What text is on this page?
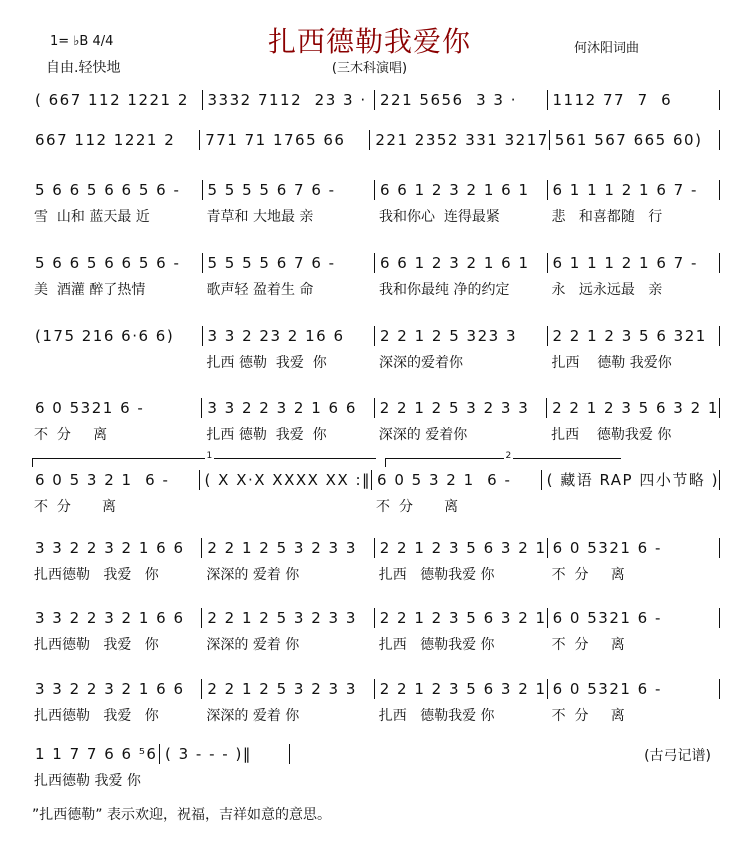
1= ♭B 4/4
自由.轻快地
扎西德勒我爱你
(三木科演唱)
何沐阳词曲
( 667 112 1221 2	3332 7112  23 3 · 221 5656  3 3 ·	1112 77  7  6
667 112 1221 2	771 71 1765 66	221 2352 331 3217 561 567 665 60)
5 6 6 5 6 6 5 6 -
雪  山和 蓝天最 近
5 5 5 5 6 7 6 -
青草和 大地最 亲
6 6 1 2 3 2 1 6 1
我和你心  连得最紧
6 1 1 1 2 1 6 7 -
悲   和喜都随   行
5 6 6 5 6 6 5 6 -
美  酒灌 醉了热情
5 5 5 5 6 7 6 -
歌声轻 盈着生 命
6 6 1 2 3 2 1 6 1
我和你最纯 净的约定
6 1 1 1 2 1 6 7 -
永   远永远最   亲
(175 216 6·6 6)	3 3 2 23 2 16 6
扎西 德勒  我爱  你
2 2 1 2 5 323 3
深深的爱着你
2 2 1 2 3 5 6 321
扎西    德勒 我爱你
6 0 5321 6 -
不  分     离
3 3 2 2 3 2 1 6 6
扎西 德勒  我爱  你
2 2 1 2 5 3 2 3 3
深深的 爱着你
2 2 1 2 3 5 6 3 2 1
扎西    德勒我爱 你
6 0 5 3 2 1  6 -
不  分       离
( X X·X XXXX XX :‖ 6 0 5 3 2 1  6 -
不  分       离
( 藏语 RAP 四小节略 )
1	2
3 3 2 2 3 2 1 6 6
扎西德勒   我爱   你
2 2 1 2 5 3 2 3 3
深深的 爱着 你
2 2 1 2 3 5 6 3 2 1
扎西   德勒我爱 你
6 0 5321 6 -
不  分     离
3 3 2 2 3 2 1 6 6
扎西德勒   我爱   你
2 2 1 2 5 3 2 3 3
深深的 爱着 你
2 2 1 2 3 5 6 3 2 1
扎西   德勒我爱 你
6 0 5321 6 -
不  分     离
3 3 2 2 3 2 1 6 6
扎西德勒   我爱   你
2 2 1 2 5 3 2 3 3
深深的 爱着 你
2 2 1 2 3 5 6 3 2 1
扎西   德勒我爱 你
6 0 5321 6 -
不  分     离
1 1 7 7 6 6 ⁵6
扎西德勒 我爱 你
( 3 - - - )‖	(古弓记谱)
”扎西德勒” 表示欢迎，祝福，吉祥如意的意思。
